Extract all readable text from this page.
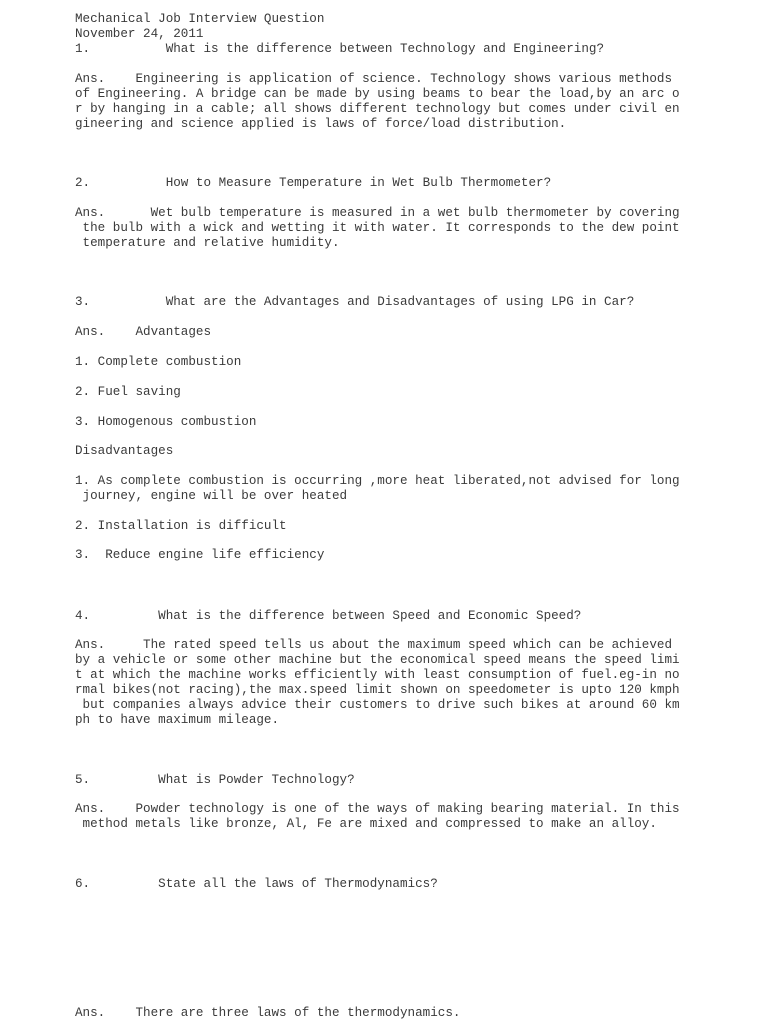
Mechanical Job Interview Question

November 24, 2011

1.          What is the difference between Technology and Engineering?

Ans.    Engineering is application of science. Technology shows various methods

of Engineering. A bridge can be made by using beams to bear the load,by an arc o

r by hanging in a cable; all shows different technology but comes under civil en

gineering and science applied is laws of force/load distribution.

2.          How to Measure Temperature in Wet Bulb Thermometer?

Ans.      Wet bulb temperature is measured in a wet bulb thermometer by covering

the bulb with a wick and wetting it with water. It corresponds to the dew point

temperature and relative humidity.

3.          What are the Advantages and Disadvantages of using LPG in Car?

Ans.    Advantages

1. Complete combustion

2. Fuel saving

3. Homogenous combustion

Disadvantages

1. As complete combustion is occurring ,more heat liberated,not advised for long

journey, engine will be over heated

2. Installation is difficult

3.  Reduce engine life efficiency

4.         What is the difference between Speed and Economic Speed?

Ans.     The rated speed tells us about the maximum speed which can be achieved

by a vehicle or some other machine but the economical speed means the speed limi

t at which the machine works efficiently with least consumption of fuel.eg-in no

rmal bikes(not racing),the max.speed limit shown on speedometer is upto 120 kmph

but companies always advice their customers to drive such bikes at around 60 km

ph to have maximum mileage.

5.         What is Powder Technology?

Ans.    Powder technology is one of the ways of making bearing material. In this

method metals like bronze, Al, Fe are mixed and compressed to make an alloy.

6.         State all the laws of Thermodynamics?

Ans.    There are three laws of the thermodynamics.
